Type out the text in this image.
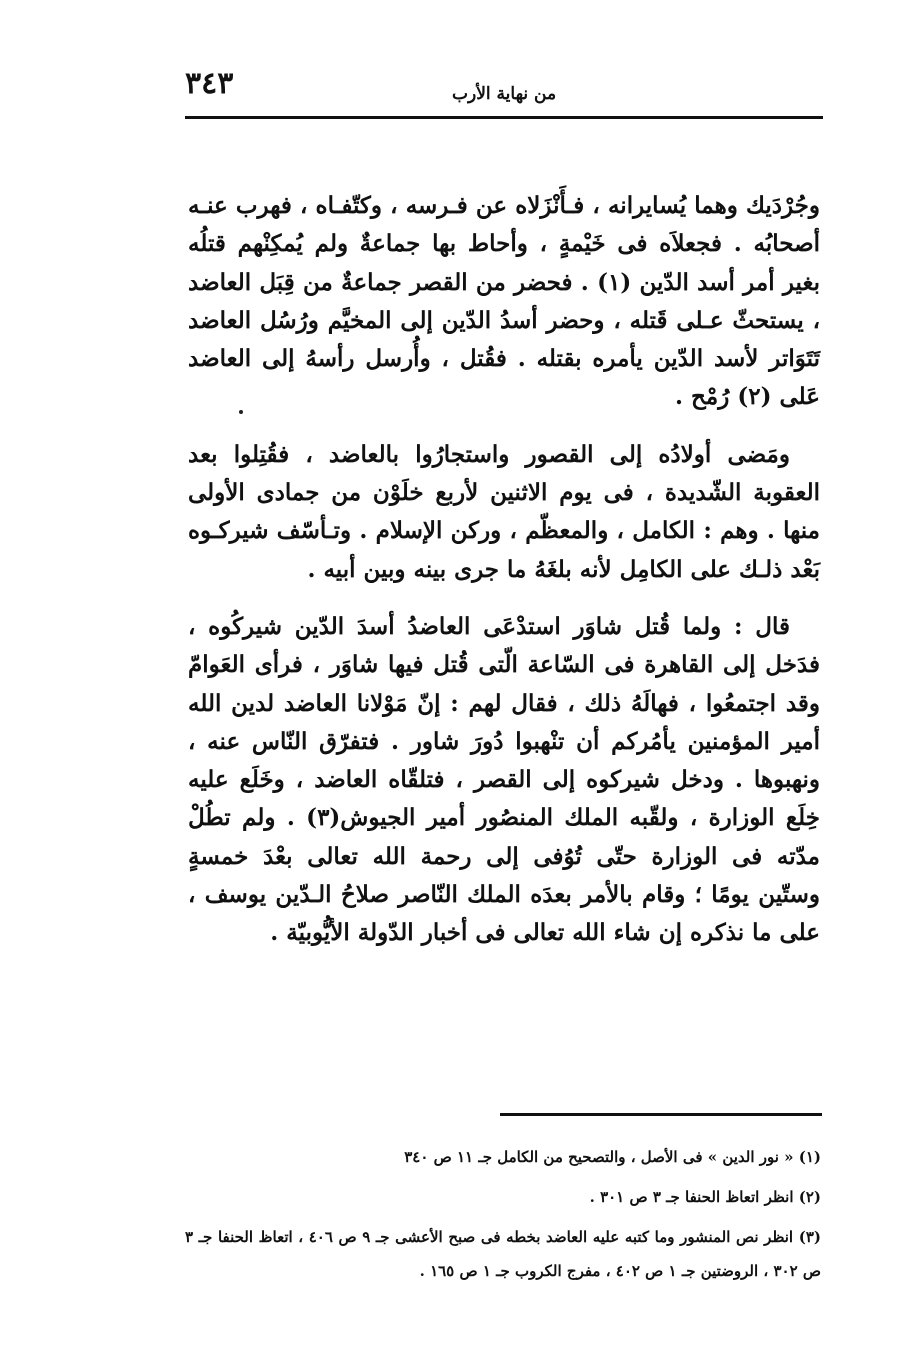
٣٤٣	من نهاية الأرب

وجُرْدَيك وهما يُسايرانه ، فـأَنْزَلاه عن فـرسه ، وكتّفـاه ، فهرب عنـه أصحابُه . فجعلاَه فى خَيْمةٍ ، وأحاط بها جماعةٌ ولم يُمكِنْهم قتلُه بغير أمر أسد الدّين (١) . فحضر من القصر جماعةٌ من قِبَل العاضد ، يستحثّ عـلى قَتله ، وحضر أسدُ الدّين إلى المخيَّم ورُسُل العاضد تَتَوَاتر لأسد الدّين يأمره بقتله . فقُتل ، وأُرسل رأسهُ إلى العاضد عَلى (٢) رُمْح .

ومَضى أولادُه إلى القصور واستجارُوا بالعاضد ، فقُتِلوا بعد العقوبة الشّديدة ، فى يوم الاثنين لأربع خلَوْن من جمادى الأولى منها . وهم : الكامل ، والمعظّم ، وركن الإسلام . وتـأسّف شيركـوه بَعْد ذلـك على الكامِل لأنه بلغَهُ ما جرى بينه وبين أبيه .

قال : ولما قُتل شاوَر استدْعَى العاضدُ أسدَ الدّين شيركُوه ، فدَخل إلى القاهرة فى السّاعة الّتى قُتل فيها شاوَر ، فرأى العَوامّ وقد اجتمعُوا ، فهالَهُ ذلك ، فقال لهم : إنّ مَوْلانا العاضد لدين الله أمير المؤمنين يأمُركم أن تنْهبوا دُورَ شاور . فتفرّق النّاس عنه ، ونهبوها . ودخل شيركوه إلى القصر ، فتلقّاه العاضد ، وخَلَع عليه خِلَع الوزارة ، ولقّبه الملك المنصُور أمير الجيوش(٣) . ولم تطُلْ مدّته فى الوزارة حتّى تُوُفى إلى رحمة الله تعالى بعْدَ خمسةٍ وستّين يومًا ؛ وقام بالأمر بعدَه الملك النّاصر صلاحُ الـدّين يوسف ، على ما نذكره إن شاء الله تعالى فى أخبار الدّولة الأيُّوبيّة .

(١) « نور الدين » فى الأصل ، والتصحيح من الكامل جـ ١١ ص ٣٤٠
(٢) انظر اتعاظ الحنفا جـ ٣ ص ٣٠١ .
(٣) انظر نص المنشور وما كتبه عليه العاضد بخطه فى صبح الأعشى جـ ٩ ص ٤٠٦ ، اتعاظ الحنفا جـ ٣ ص ٣٠٢ ، الروضتين جـ ١ ص ٤٠٢ ، مفرج الكروب جـ ١ ص ١٦٥ .
